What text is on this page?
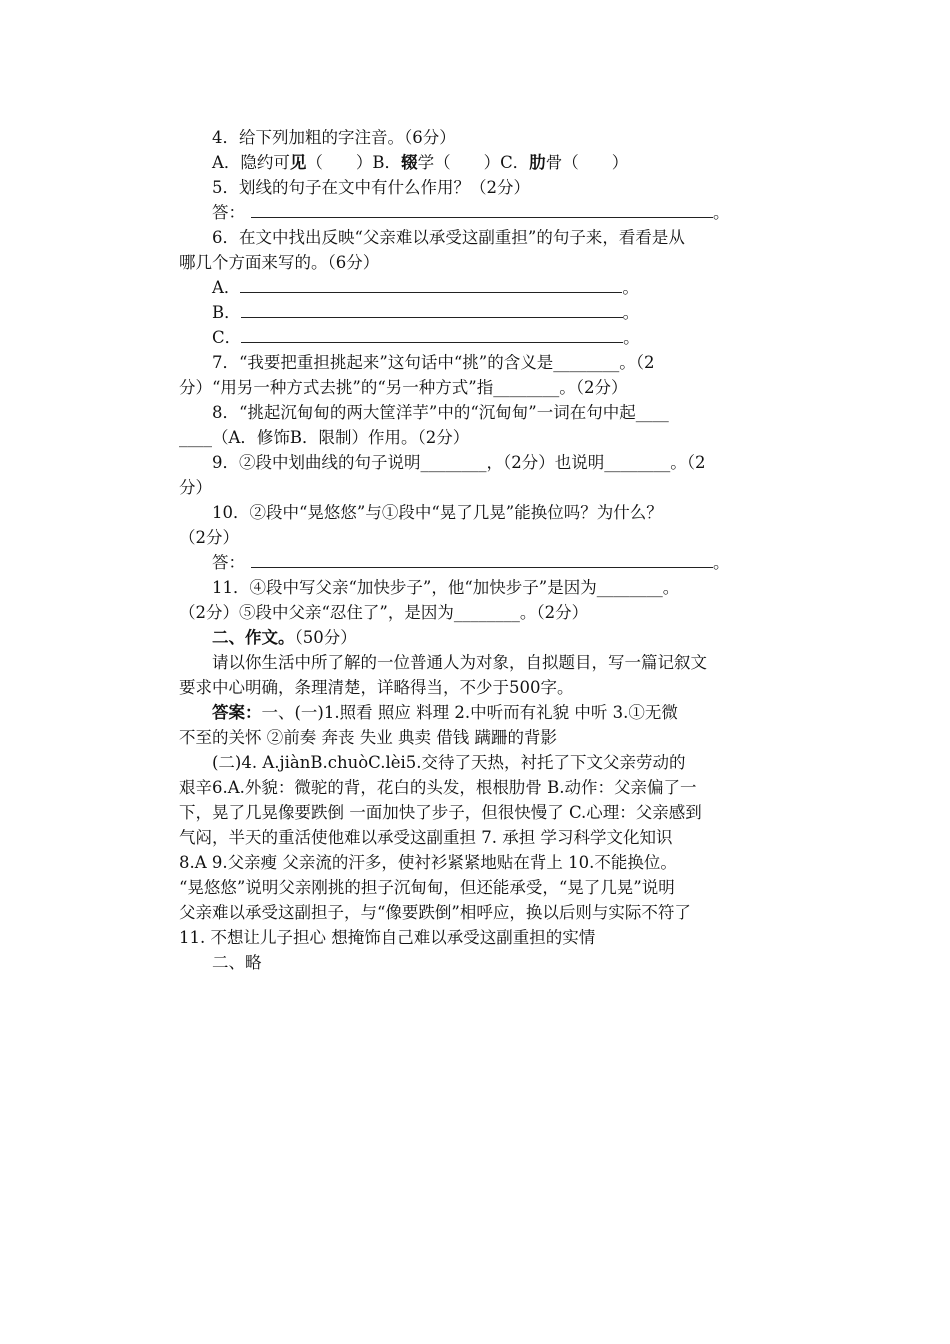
4．给下列加粗的字注音。（6分）
A．隐约可见（　　）B．辍学（　　）C．肋骨（　　）
5．划线的句子在文中有什么作用？（2分）
答：	。
6．在文中找出反映“父亲难以承受这副重担”的句子来，看看是从
哪几个方面来写的。（6分）
A．	。
B．	。
C．	。
7．“我要把重担挑起来”这句话中“挑”的含义是________。（2
分）“用另一种方式去挑”的“另一种方式”指________。（2分）
8．“挑起沉甸甸的两大筐洋芋”中的“沉甸甸”一词在句中起____
____（A．修饰B．限制）作用。（2分）
9．②段中划曲线的句子说明________，（2分）也说明________。（2
分）
10．②段中“晃悠悠”与①段中“晃了几晃”能换位吗？为什么？
（2分）
答：	。
11．④段中写父亲“加快步子”，他“加快步子”是因为________。
（2分）⑤段中父亲“忍住了”，是因为________。（2分）
二、作文。（50分）
请以你生活中所了解的一位普通人为对象，自拟题目，写一篇记叙文
要求中心明确，条理清楚，详略得当，不少于500字。
答案：一、(一)1.照看 照应 料理 2.中听而有礼貌 中听 3.①无微
不至的关怀 ②前奏 奔丧 失业 典卖 借钱 蹒跚的背影
(二)4. A.jiànB.chuòC.lèi5.交待了天热，衬托了下文父亲劳动的
艰辛6.A.外貌：微驼的背，花白的头发，根根肋骨 B.动作：父亲偏了一
下，晃了几晃像要跌倒 一面加快了步子，但很快慢了 C.心理：父亲感到
气闷，半天的重活使他难以承受这副重担 7. 承担 学习科学文化知识
8.A 9.父亲瘦 父亲流的汗多，使衬衫紧紧地贴在背上 10.不能换位。
“晃悠悠”说明父亲刚挑的担子沉甸甸，但还能承受，“晃了几晃”说明
父亲难以承受这副担子，与“像要跌倒”相呼应，换以后则与实际不符了
11. 不想让儿子担心 想掩饰自己难以承受这副重担的实情
二、略
